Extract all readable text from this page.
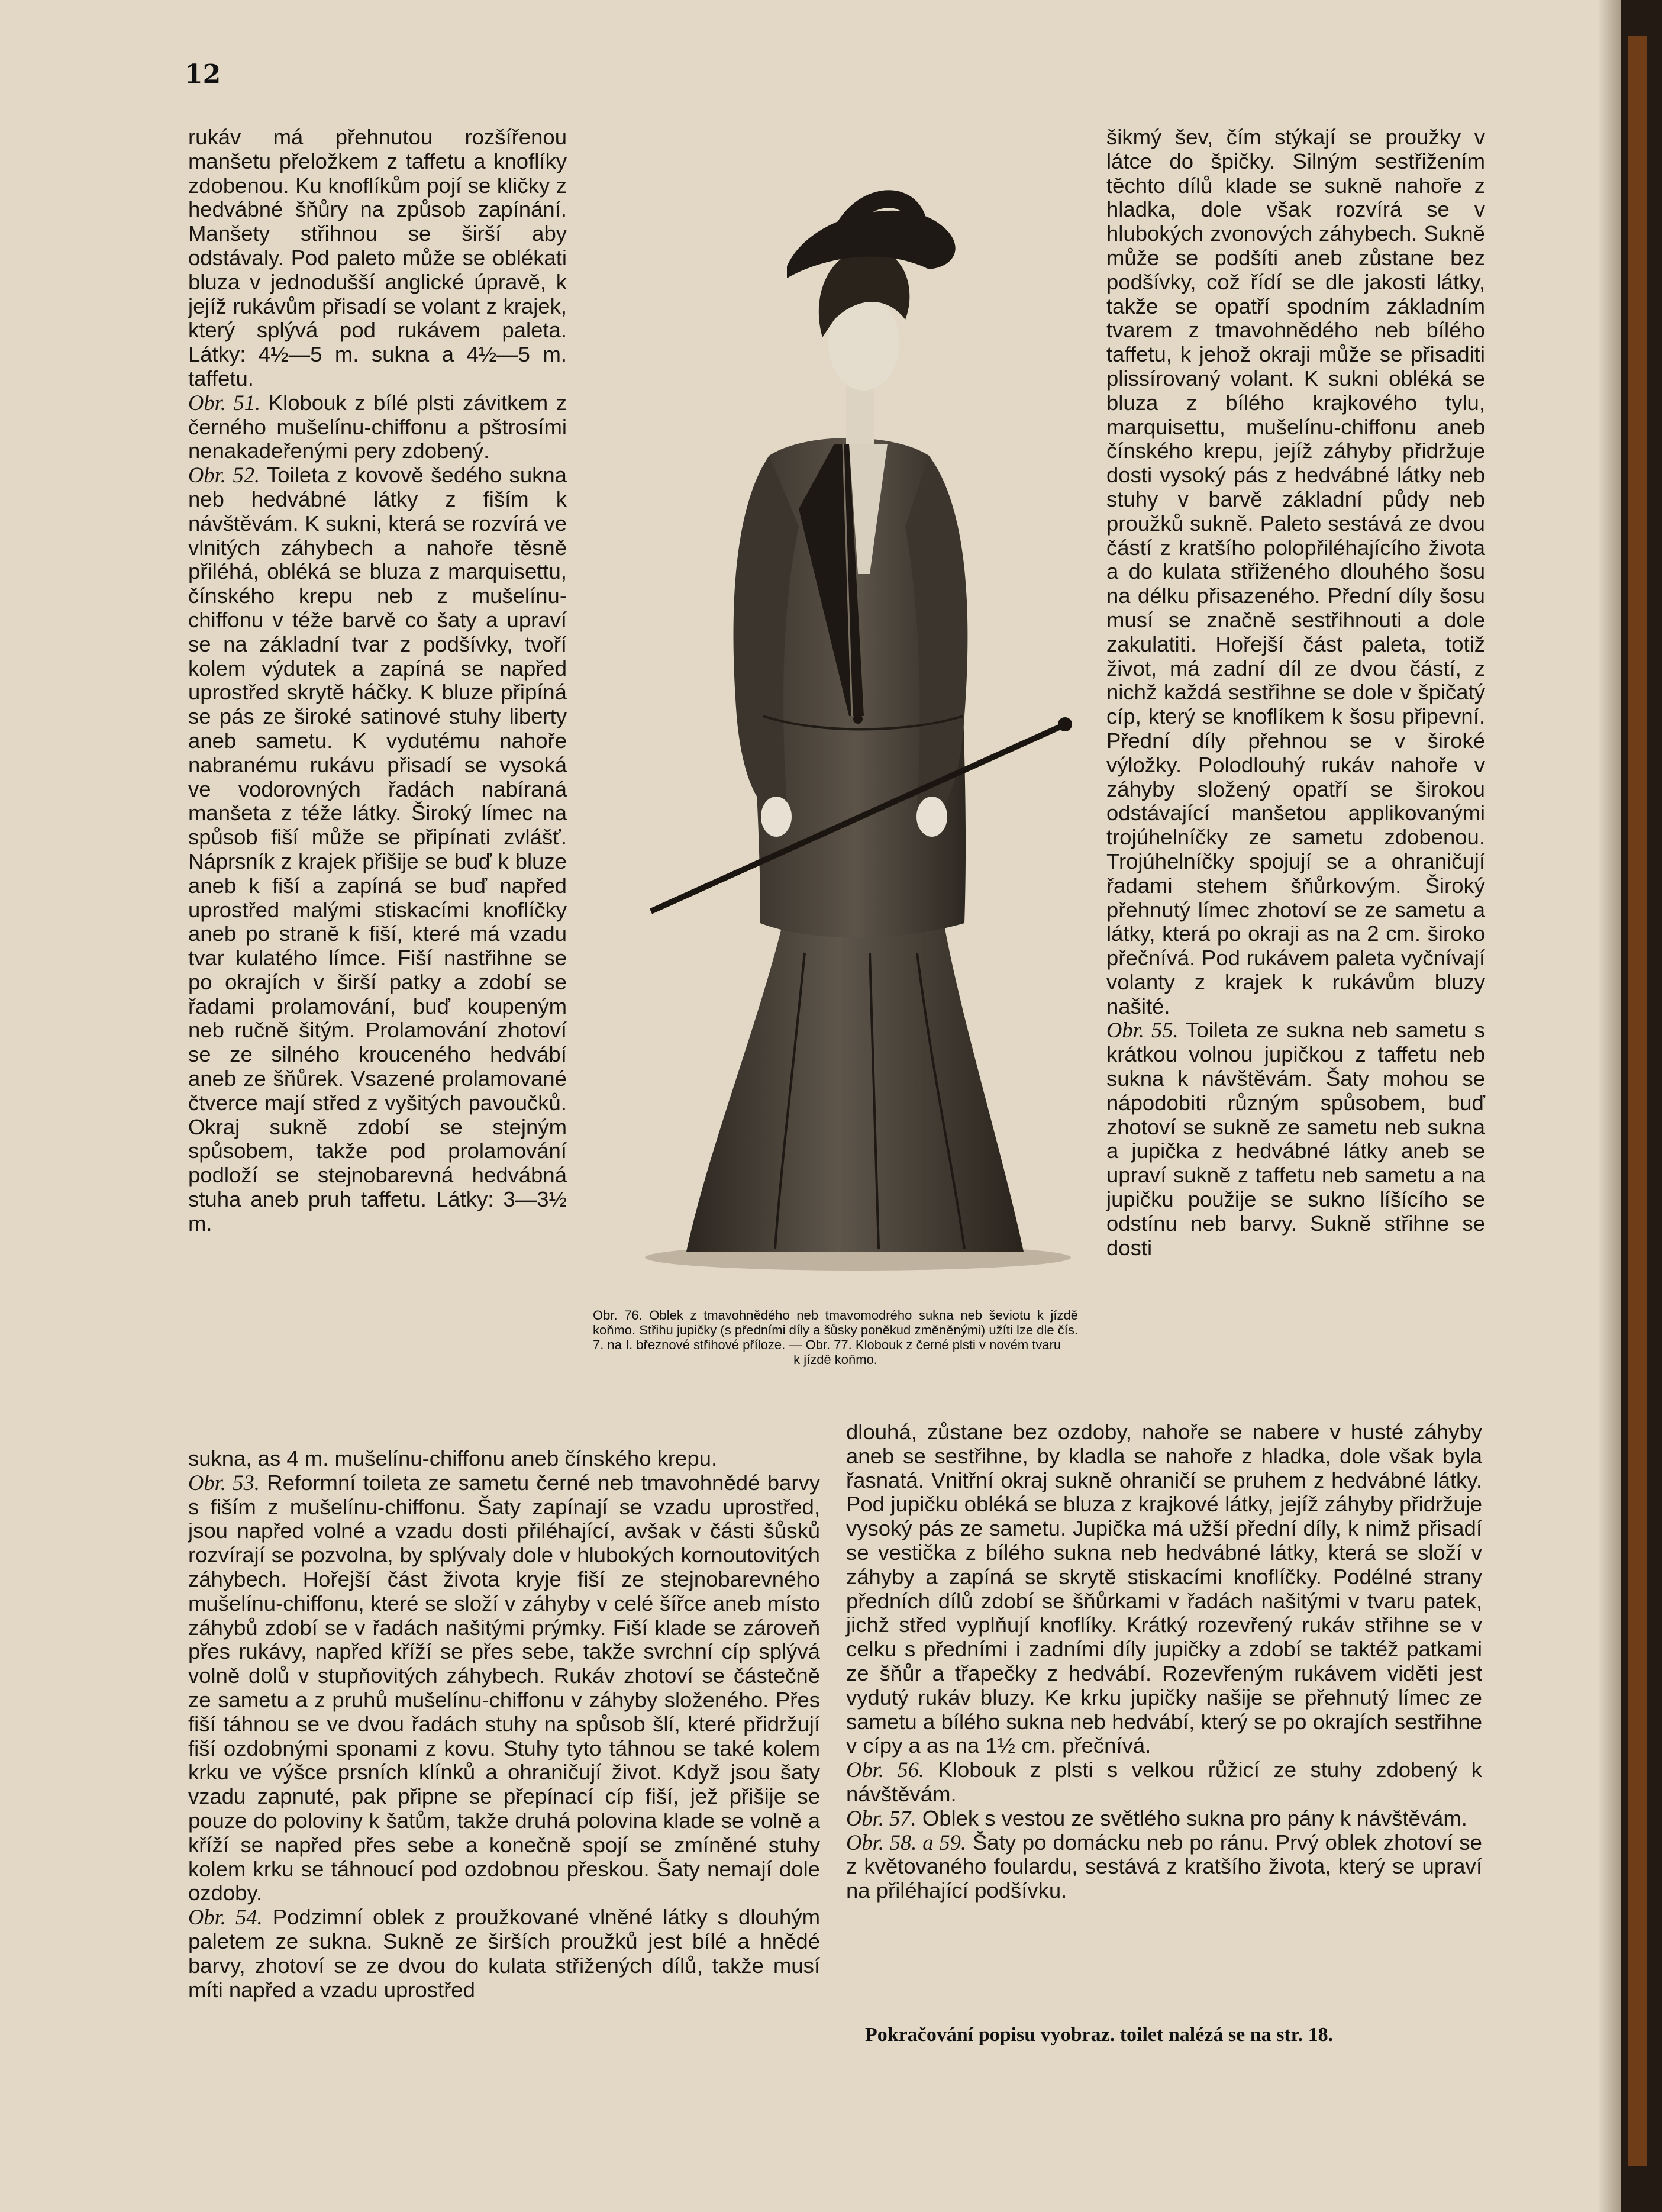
12

rukáv má přehnutou rozšířenou manšetu přeložkem z taffetu a knoflíky zdobenou. Ku knoflíkům pojí se kličky z hedvábné šňůry na způsob zapínání. Manšety střihnou se širší aby odstávaly. Pod paleto může se oblékati bluza v jednodušší anglické úpravě, k jejíž rukávům přisadí se volant z krajek, který splývá pod rukávem paleta. Látky: 4½—5 m. sukna a 4½—5 m. taffetu.

Obr. 51. Klobouk z bílé plsti závitkem z černého mušelínu-chiffonu a pštrosími nenakadeřenými pery zdobený.

Obr. 52. Toileta z kovově šedého sukna neb hedvábné látky z fiším k návštěvám. K sukni, která se rozvírá ve vlnitých záhybech a nahoře těsně přiléhá, obléká se bluza z marquisettu, čínského krepu neb z mušelínu-chiffonu v téže barvě co šaty a upraví se na základní tvar z podšívky, tvoří kolem výdutek a zapíná se napřed uprostřed skrytě háčky. K bluze připíná se pás ze široké satinové stuhy liberty aneb sametu. K vydutému nahoře nabranému rukávu přisadí se vysoká ve vodorovných řadách nabíraná manšeta z téže látky. Široký límec na spůsob fiší může se připínati zvlášť. Náprsník z krajek přišije se buď k bluze aneb k fiší a zapíná se buď napřed uprostřed malými stiskacími knoflíčky aneb po straně k fiší, které má vzadu tvar kulatého límce. Fiší nastřihne se po okrajích v širší patky a zdobí se řadami prolamování, buď koupeným neb ručně šitým. Prolamování zhotoví se ze silného krouceného hedvábí aneb ze šňůrek. Vsazené prolamované čtverce mají střed z vyšitých pavoučků. Okraj sukně zdobí se stejným spůsobem, takže pod prolamování podloží se stejnobarevná hedvábná stuha aneb pruh taffetu. Látky: 3—3½ m.

Obr. 76. Oblek z tmavohnědého neb tmavomodrého sukna neb ševiotu k jízdě koňmo. Střihu jupičky (s předními díly a šůsky poněkud změněnými) užíti lze dle čís. 7. na I. březnové střihové příloze. — Obr. 77. Klobouk z černé plsti v novém tvaru
k jízdě koňmo.

šikmý šev, čím stýkají se proužky v látce do špičky. Silným sestřižením těchto dílů klade se sukně nahoře z hladka, dole však rozvírá se v hlubokých zvonových záhybech. Sukně může se podšíti aneb zůstane bez podšívky, což řídí se dle jakosti látky, takže se opatří spodním základním tvarem z tmavohnědého neb bílého taffetu, k jehož okraji může se přisaditi plissírovaný volant. K sukni obléká se bluza z bílého krajkového tylu, marquisettu, mušelínu-chiffonu aneb čínského krepu, jejíž záhyby přidržuje dosti vysoký pás z hedvábné látky neb stuhy v barvě základní půdy neb proužků sukně. Paleto sestává ze dvou částí z kratšího polopřiléhajícího života a do kulata střiženého dlouhého šosu na délku přisazeného. Přední díly šosu musí se značně sestřihnouti a dole zakulatiti. Hořejší část paleta, totiž život, má zadní díl ze dvou částí, z nichž každá sestřihne se dole v špičatý cíp, který se knoflíkem k šosu připevní. Přední díly přehnou se v široké výložky. Polodlouhý rukáv nahoře v záhyby složený opatří se širokou odstávající manšetou applikovanými trojúhelníčky ze sametu zdobenou. Trojúhelníčky spojují se a ohraničují řadami stehem šňůrkovým. Široký přehnutý límec zhotoví se ze sametu a látky, která po okraji as na 2 cm. široko přečnívá. Pod rukávem paleta vyčnívají volanty z krajek k rukávům bluzy našité.

Obr. 55. Toileta ze sukna neb sametu s krátkou volnou jupičkou z taffetu neb sukna k návštěvám. Šaty mohou se nápodobiti různým spůsobem, buď zhotoví se sukně ze sametu neb sukna a jupička z hedvábné látky aneb se upraví sukně z taffetu neb sametu a na jupičku použije se sukno líšícího se odstínu neb barvy. Sukně střihne se dosti

sukna, as 4 m. mušelínu-chiffonu aneb čínského krepu.

Obr. 53. Reformní toileta ze sametu černé neb tmavohnědé barvy s fiším z mušelínu-chiffonu. Šaty zapínají se vzadu uprostřed, jsou napřed volné a vzadu dosti přiléhající, avšak v části šůsků rozvírají se pozvolna, by splývaly dole v hlubokých kornoutovitých záhybech. Hořejší část života kryje fiší ze stejnobarevného mušelínu-chiffonu, které se složí v záhyby v celé šířce aneb místo záhybů zdobí se v řadách našitými prýmky. Fiší klade se zároveň přes rukávy, napřed kříží se přes sebe, takže svrchní cíp splývá volně dolů v stupňovitých záhybech. Rukáv zhotoví se částečně ze sametu a z pruhů mušelínu-chiffonu v záhyby složeného. Přes fiší táhnou se ve dvou řadách stuhy na spůsob šlí, které přidržují fiší ozdobnými sponami z kovu. Stuhy tyto táhnou se také kolem krku ve výšce prsních klínků a ohraničují život. Když jsou šaty vzadu zapnuté, pak připne se přepínací cíp fiší, jež přišije se pouze do poloviny k šatům, takže druhá polovina klade se volně a kříží se napřed přes sebe a konečně spojí se zmíněné stuhy kolem krku se táhnoucí pod ozdobnou přeskou. Šaty nemají dole ozdoby.

Obr. 54. Podzimní oblek z proužkované vlněné látky s dlouhým paletem ze sukna. Sukně ze širších proužků jest bílé a hnědé barvy, zhotoví se ze dvou do kulata střižených dílů, takže musí míti napřed a vzadu uprostřed

dlouhá, zůstane bez ozdoby, nahoře se nabere v husté záhyby aneb se sestřihne, by kladla se nahoře z hladka, dole však byla řasnatá. Vnitřní okraj sukně ohraničí se pruhem z hedvábné látky. Pod jupičku obléká se bluza z krajkové látky, jejíž záhyby přidržuje vysoký pás ze sametu. Jupička má užší přední díly, k nimž přisadí se vestička z bílého sukna neb hedvábné látky, která se složí v záhyby a zapíná se skrytě stiskacími knoflíčky. Podélné strany předních dílů zdobí se šňůrkami v řadách našitými v tvaru patek, jichž střed vyplňují knoflíky. Krátký rozevřený rukáv střihne se v celku s předními i zadními díly jupičky a zdobí se taktéž patkami ze šňůr a třapečky z hedvábí. Rozevřeným rukávem viděti jest vydutý rukáv bluzy. Ke krku jupičky našije se přehnutý límec ze sametu a bílého sukna neb hedvábí, který se po okrajích sestřihne v cípy a as na 1½ cm. přečnívá.

Obr. 56. Klobouk z plsti s velkou růžicí ze stuhy zdobený k návštěvám.

Obr. 57. Oblek s vestou ze světlého sukna pro pány k návštěvám.

Obr. 58. a 59. Šaty po domácku neb po ránu. Prvý oblek zhotoví se z květovaného foulardu, sestává z kratšího života, který se upraví na přiléhající podšívku.

Pokračování popisu vyobraz. toilet nalézá se na str. 18.
